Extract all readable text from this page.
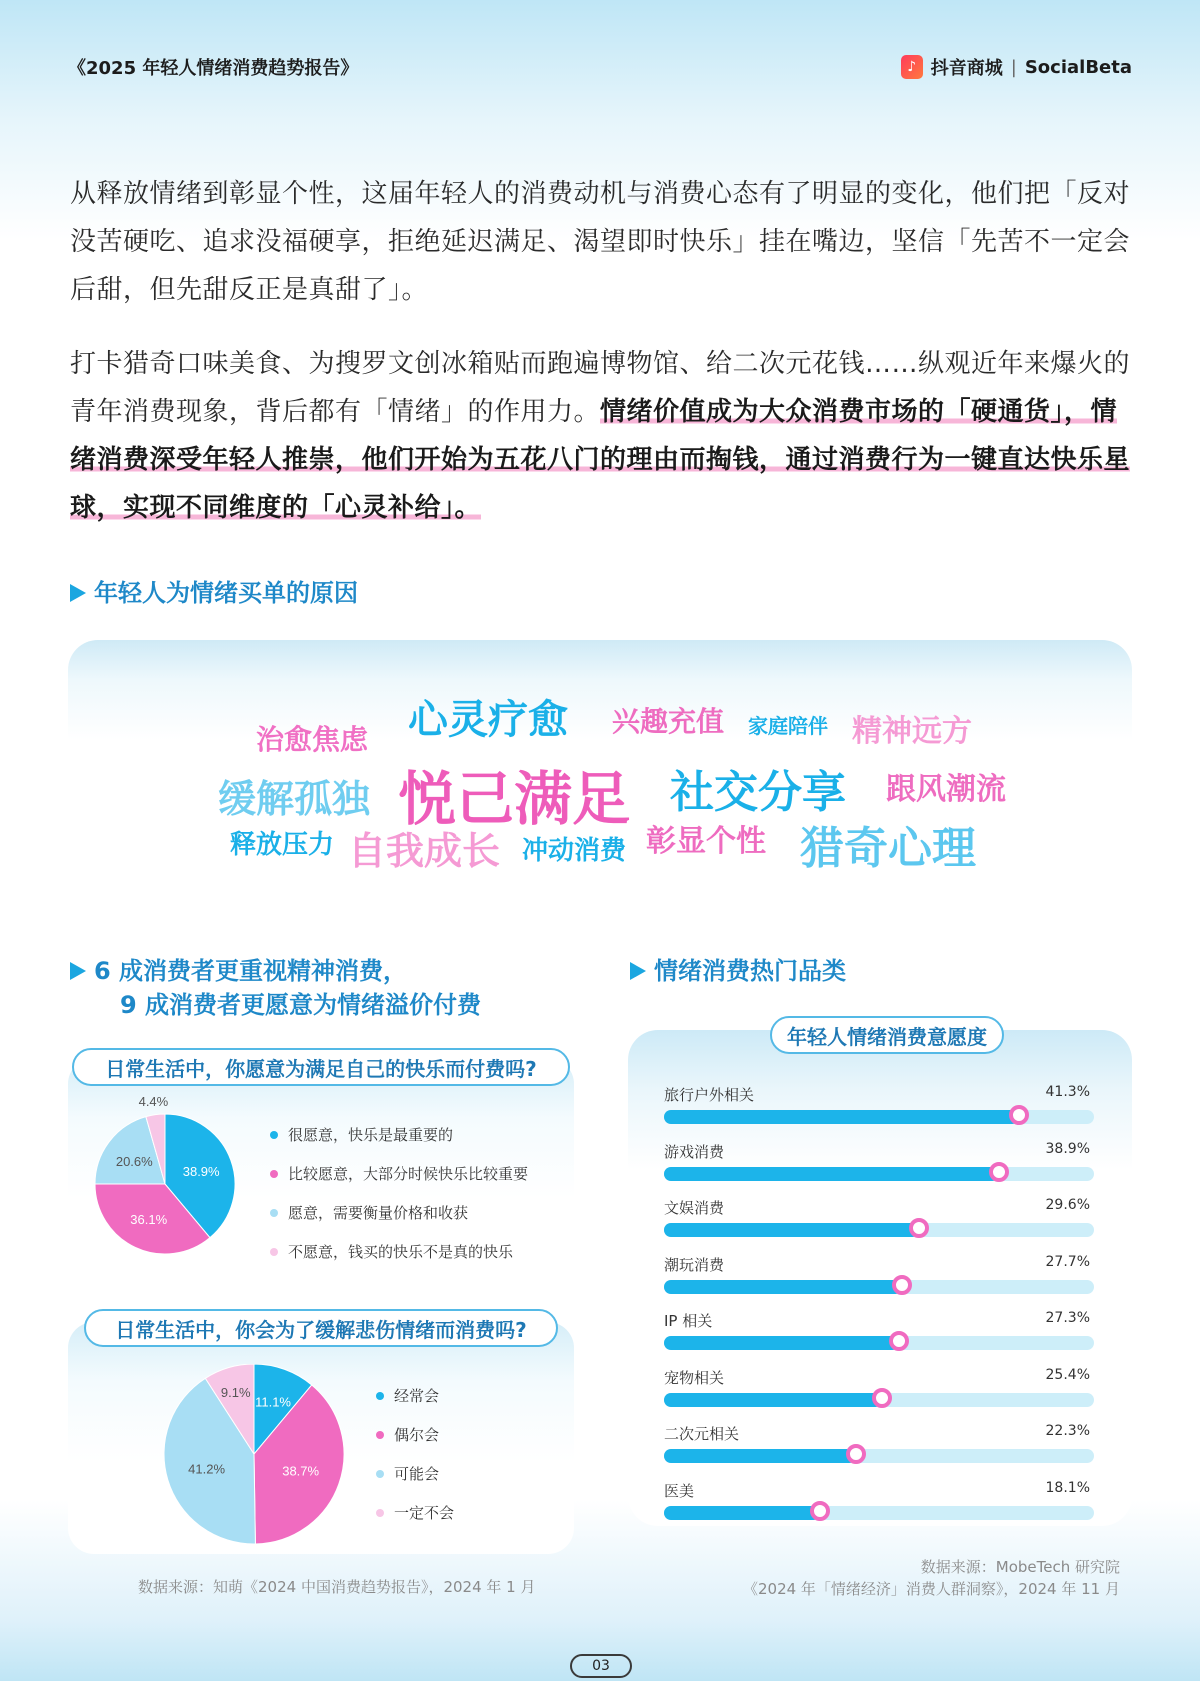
《2025 年轻人情绪消费趋势报告》	♪ 抖音商城 | SocialBeta

从释放情绪到彰显个性，这届年轻人的消费动机与消费心态有了明显的变化，他们把「反对没苦硬吃、追求没福硬享，拒绝延迟满足、渴望即时快乐」挂在嘴边，坚信「先苦不一定会后甜，但先甜反正是真甜了」。

打卡猎奇口味美食、为搜罗文创冰箱贴而跑遍博物馆、给二次元花钱……纵观近年来爆火的青年消费现象，背后都有「情绪」的作用力。情绪价值成为大众消费市场的「硬通货」，情绪消费深受年轻人推崇，他们开始为五花八门的理由而掏钱，通过消费行为一键直达快乐星球，实现不同维度的「心灵补给」。

年轻人为情绪买单的原因
心灵疗愈 兴趣充值 家庭陪伴 精神远方
治愈焦虑
缓解孤独 悦己满足 社交分享 跟风潮流
释放压力 自我成长 冲动消费 彰显个性 猎奇心理
6 成消费者更重视精神消费，
9 成消费者更愿意为情绪溢价付费
日常生活中，你愿意为满足自己的快乐而付费吗?
38.9%
36.1%
20.6%
4.4%
很愿意，快乐是最重要的
比较愿意，大部分时候快乐比较重要
愿意，需要衡量价格和收获
不愿意，钱买的快乐不是真的快乐
日常生活中，你会为了缓解悲伤情绪而消费吗?
11.1%
38.7%
41.2%
9.1%	经常会
偶尔会
可能会
一定不会
情绪消费热门品类
年轻人情绪消费意愿度
旅行户外相关	41.3%
游戏消费	38.9%
文娱消费	29.6%
潮玩消费	27.7%
IP 相关	27.3%
宠物相关	25.4%
二次元相关	22.3%
医美	18.1%
数据来源：知萌《2024 中国消费趋势报告》，2024 年 1 月
数据来源：MobeTech 研究院
《2024 年「情绪经济」消费人群洞察》，2024 年 11 月
03
